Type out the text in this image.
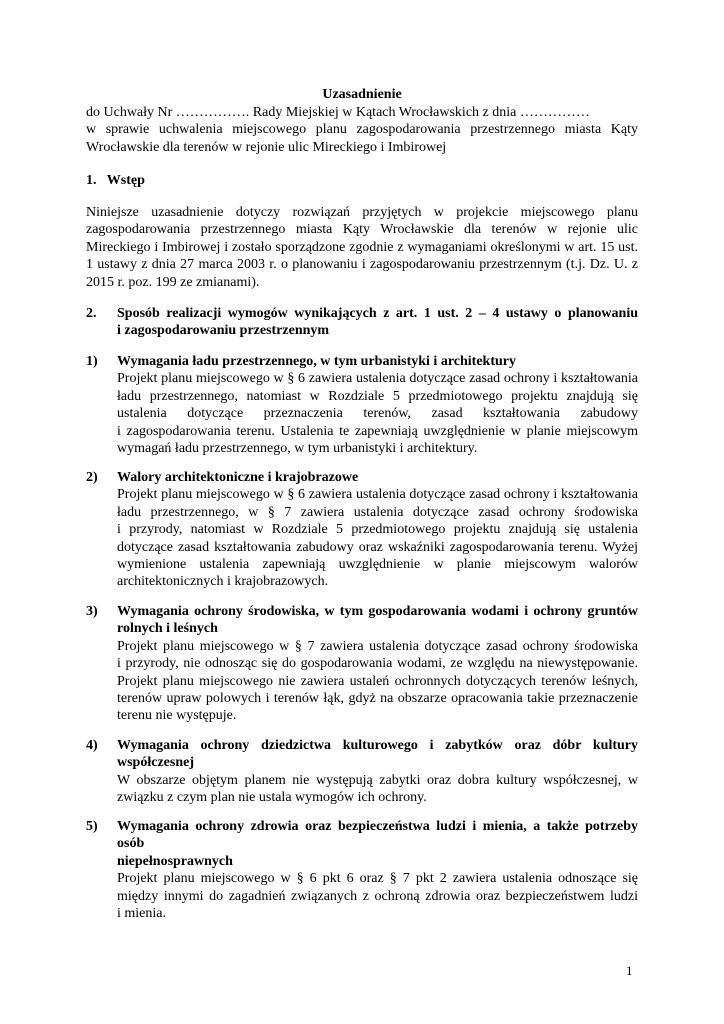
Uzasadnienie
do Uchwały Nr ……………. Rady Miejskiej w Kątach Wrocławskich z dnia ……………
w sprawie uchwalenia miejscowego planu zagospodarowania przestrzennego miasta Kąty
Wrocławskie dla terenów w rejonie ulic Mireckiego i Imbirowej
1.   Wstęp
Niniejsze uzasadnienie dotyczy rozwiązań przyjętych w projekcie miejscowego planu
zagospodarowania przestrzennego miasta Kąty Wrocławskie dla terenów w rejonie ulic
Mireckiego i Imbirowej i zostało sporządzone zgodnie z wymaganiami określonymi w art. 15 ust.
1 ustawy z dnia 27 marca 2003 r. o planowaniu i zagospodarowaniu przestrzennym (t.j. Dz. U. z
2015 r. poz. 199 ze zmianami).
2. Sposób realizacji wymogów wynikających z art. 1 ust. 2 – 4 ustawy o planowaniu
i zagospodarowaniu przestrzennym
1) Wymagania ładu przestrzennego, w tym urbanistyki i architektury
Projekt planu miejscowego w § 6 zawiera ustalenia dotyczące zasad ochrony i kształtowania
ładu przestrzennego, natomiast w Rozdziale 5 przedmiotowego projektu znajdują się
ustalenia dotyczące przeznaczenia terenów, zasad kształtowania zabudowy
i zagospodarowania terenu. Ustalenia te zapewniają uwzględnienie w planie miejscowym
wymagań ładu przestrzennego, w tym urbanistyki i architektury.
2) Walory architektoniczne i krajobrazowe
Projekt planu miejscowego w § 6 zawiera ustalenia dotyczące zasad ochrony i kształtowania
ładu przestrzennego, w § 7 zawiera ustalenia dotyczące zasad ochrony środowiska
i przyrody, natomiast w Rozdziale 5 przedmiotowego projektu znajdują się ustalenia
dotyczące zasad kształtowania zabudowy oraz wskaźniki zagospodarowania terenu. Wyżej
wymienione ustalenia zapewniają uwzględnienie w planie miejscowym walorów
architektonicznych i krajobrazowych.
3) Wymagania ochrony środowiska, w tym gospodarowania wodami i ochrony gruntów
rolnych i leśnych
Projekt planu miejscowego w § 7 zawiera ustalenia dotyczące zasad ochrony środowiska
i przyrody, nie odnosząc się do gospodarowania wodami, ze względu na niewystępowanie.
Projekt planu miejscowego nie zawiera ustaleń ochronnych dotyczących terenów leśnych,
terenów upraw polowych i terenów łąk, gdyż na obszarze opracowania takie przeznaczenie
terenu nie występuje.
4) Wymagania ochrony dziedzictwa kulturowego i zabytków oraz dóbr kultury
współczesnej
W obszarze objętym planem nie występują zabytki oraz dobra kultury współczesnej, w
związku z czym plan nie ustala wymogów ich ochrony.
5) Wymagania ochrony zdrowia oraz bezpieczeństwa ludzi i mienia, a także potrzeby osób
niepełnosprawnych
Projekt planu miejscowego w § 6 pkt 6 oraz § 7 pkt 2 zawiera ustalenia odnoszące się
między innymi do zagadnień związanych z ochroną zdrowia oraz bezpieczeństwem ludzi
i mienia.
1
